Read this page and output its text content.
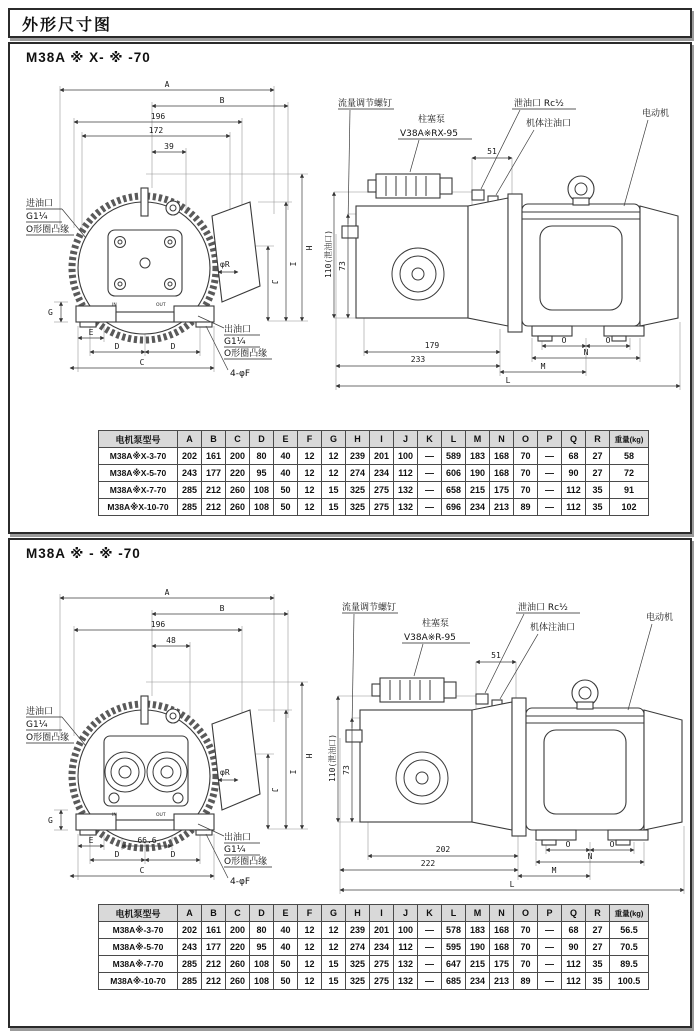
外形尺寸图
M38A ※ X- ※ -70
IN	OUT
A
B
196
172
39
H
I
J
φR
G
E
D	D
C
进油口
G1¼
O形圈凸缘
出油口
G1¼
O形圈凸缘
4-φF
流量调节螺钉
柱塞泵
V38A※RX-95
泄油口 Rc½
机体注油口
电动机
51
110(泄油口) 73
179
233
O	O
N
M
L
电机泵型号	A	B	C	D	E	F	G	H	I	J	K	L	M	N	O	P	Q	R	重量(kg)
M38A※X-3-70	202	161	200	80	40	12	12	239	201	100	—	589	183	168	70	—	68	27	58
M38A※X-5-70	243	177	220	95	40	12	12	274	234	112	—	606	190	168	70	—	90	27	72
M38A※X-7-70	285	212	260	108	50	12	15	325	275	132	—	658	215	175	70	—	112	35	91
M38A※X-10-70	285	212	260	108	50	12	15	325	275	132	—	696	234	213	89	—	112	35	102
M38A ※ - ※ -70
IN	OUT
A
B
196
48
H
I
J
φR
G
E	66.6
D	D
C
进油口
G1¼
O形圈凸缘
出油口
G1¼
O形圈凸缘
4-φF
流量调节螺钉
柱塞泵
V38A※R-95
泄油口 Rc½
机体注油口
电动机
51
110(泄油口) 73
202
222
O	O
N
M
L
电机泵型号	A	B	C	D	E	F	G	H	I	J	K	L	M	N	O	P	Q	R	重量(kg)
M38A※-3-70	202	161	200	80	40	12	12	239	201	100	—	578	183	168	70	—	68	27	56.5
M38A※-5-70	243	177	220	95	40	12	12	274	234	112	—	595	190	168	70	—	90	27	70.5
M38A※-7-70	285	212	260	108	50	12	15	325	275	132	—	647	215	175	70	—	112	35	89.5
M38A※-10-70	285	212	260	108	50	12	15	325	275	132	—	685	234	213	89	—	112	35	100.5
